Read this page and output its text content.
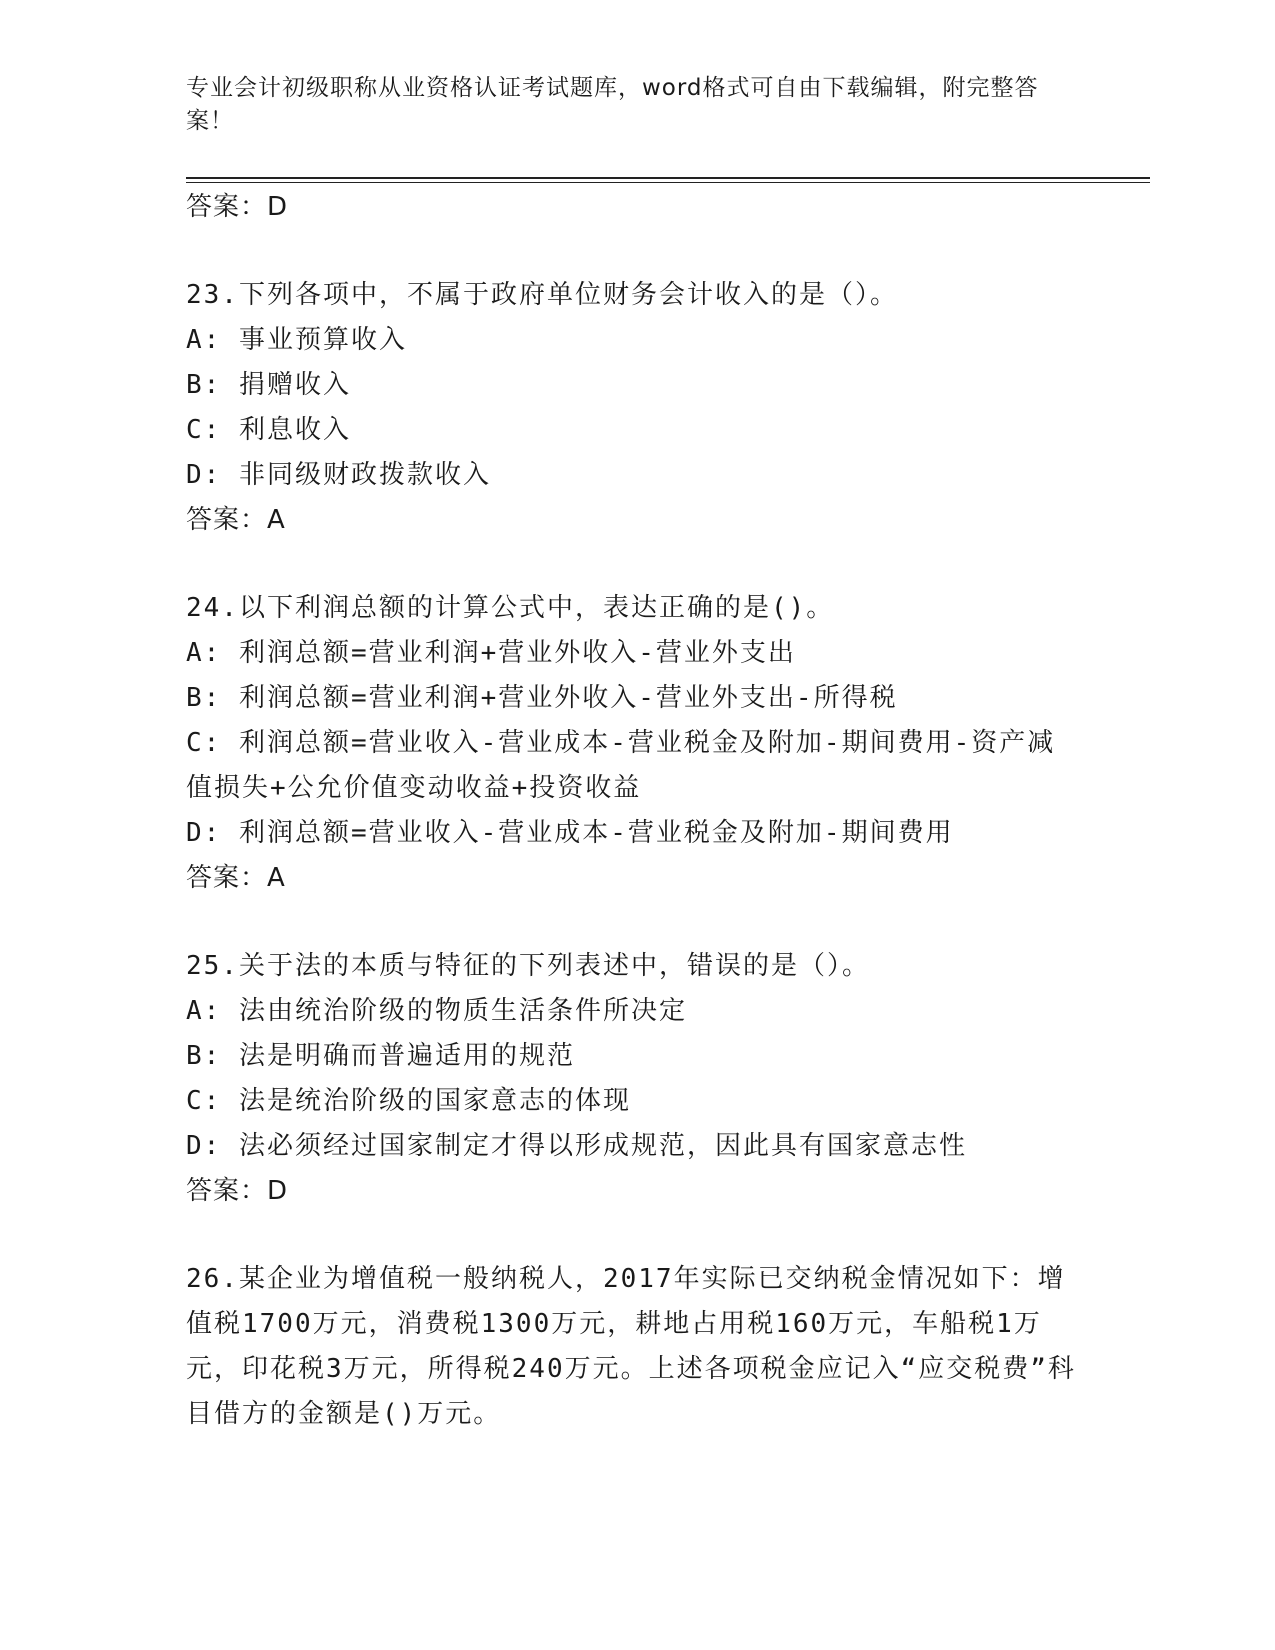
专业会计初级职称从业资格认证考试题库，word格式可自由下载编辑，附完整答案！

答案：D

23.下列各项中，不属于政府单位财务会计收入的是（）。

A: 事业预算收入

B: 捐赠收入

C: 利息收入

D: 非同级财政拨款收入

答案：A

24.以下利润总额的计算公式中，表达正确的是()。

A: 利润总额=营业利润+营业外收入-营业外支出

B: 利润总额=营业利润+营业外收入-营业外支出-所得税

C: 利润总额=营业收入-营业成本-营业税金及附加-期间费用-资产减值损失+公允价值变动收益+投资收益

D: 利润总额=营业收入-营业成本-营业税金及附加-期间费用

答案：A

25.关于法的本质与特征的下列表述中，错误的是（）。

A: 法由统治阶级的物质生活条件所决定

B: 法是明确而普遍适用的规范

C: 法是统治阶级的国家意志的体现

D: 法必须经过国家制定才得以形成规范，因此具有国家意志性

答案：D

26.某企业为增值税一般纳税人，2017年实际已交纳税金情况如下：增值税1700万元，消费税1300万元，耕地占用税160万元，车船税1万元，印花税3万元，所得税240万元。上述各项税金应记入“应交税费”科目借方的金额是()万元。
